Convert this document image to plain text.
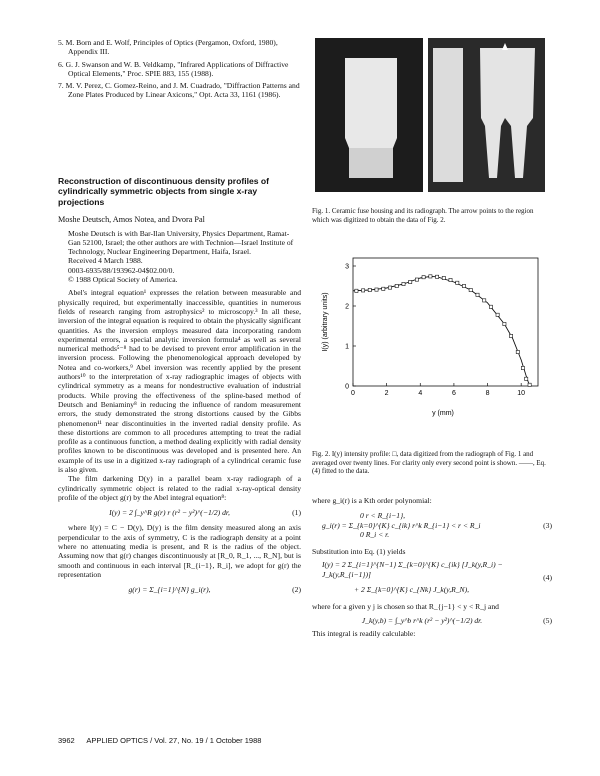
5. M. Born and E. Wolf, Principles of Optics (Pergamon, Oxford, 1980), Appendix III.

6. G. J. Swanson and W. B. Veldkamp, "Infrared Applications of Diffractive Optical Elements," Proc. SPIE 883, 155 (1988).

7. M. V. Perez, C. Gomez-Reino, and J. M. Cuadrado, "Diffraction Patterns and Zone Plates Produced by Linear Axicons," Opt. Acta 33, 1161 (1986).

Reconstruction of discontinuous density profiles of cylindrically symmetric objects from single x-ray projections
Moshe Deutsch, Amos Notea, and Dvora Pal
Moshe Deutsch is with Bar-Ilan University, Physics Department, Ramat-Gan 52100, Israel; the other authors are with Technion—Israel Institute of Technology, Nuclear Engineering Department, Haifa, Israel.
Received 4 March 1988.
0003-6935/88/193962-04$02.00/0.
© 1988 Optical Society of America.

Abel's integral equation¹ expresses the relation between measurable and physically required, but experimentally inaccessible, quantities in numerous fields of research ranging from astrophysics² to microscopy.³ In all these, inversion of the integral equation is required to obtain the physically significant quantities. As the inversion employs measured data incorporating random experimental errors, a special analytic inversion formula⁴ as well as several numerical methods⁵⁻⁸ had to be devised to prevent error amplification in the inversion process. Following the phenomenological approach developed by Notea and co-workers,⁹ Abel inversion was recently applied by the present authors¹⁰ to the interpretation of x-ray radiographic images of objects with cylindrical symmetry as a means for nondestructive evaluation of industrial products. While proving the effectiveness of the spline-based method of Deutsch and Beniaminy⁸ in reducing the influence of random measurement errors, the study demonstrated the strong distortions caused by the Gibbs phenomenon¹¹ near discontinuities in the inverted radial density profile. As these distortions are common to all procedures attempting to treat the radial profile as a continuous function, a method dealing explicitly with radial density profiles known to be discontinuous was developed and is presented here. An example of its use in a digitized x-ray radiograph of a cylindrical ceramic fuse is also given.

The film darkening D(y) in a parallel beam x-ray radiograph of a cylindrically symmetric object is related to the radial x-ray-optical density profile of the object g(r) by the Abel integral equation⁸:

I(y) = 2 ∫_y^R g(r) r (r² − y²)^(−1/2) dr,	(1)

where I(y) = C − D(y), D(y) is the film density measured along an axis perpendicular to the axis of symmetry, C is the radiograph density at a point where no attenuating media is present, and R is the radius of the object. Assuming now that g(r) changes discontinuously at [R_0, R_1, ..., R_N], but is smooth and continuous in each interval [R_{i−1}, R_i], we adopt for g(r) the representation

g(r) = Σ_{i=1}^{N} g_i(r),	(2)

Fig. 1. Ceramic fuse housing and its radiograph. The arrow points to the region which was digitized to obtain the data of Fig. 2.

I(y) (arbitrary units)
y (mm)
0	2	4	6	8	10
0
1
2
3

Fig. 2. I(y) intensity profile: □, data digitized from the radiograph of Fig. 1 and averaged over twenty lines. For clarity only every second point is shown. ——, Eq. (4) fitted to the data.

where g_i(r) is a Kth order polynomial:

0 r < R_{i−1},
g_i(r) = Σ_{k=0}^{K} c_{ik} r^k R_{i−1} < r < R_i
0 R_i < r.
(3)

Substitution into Eq. (1) yields

I(y) = 2 Σ_{i=1}^{N−1} Σ_{k=0}^{K} c_{ik} [J_k(y,R_i) − J_k(y,R_{i−1})]
+ 2 Σ_{k=0}^{K} c_{Nk} J_k(y,R_N),
(4)

where for a given y j is chosen so that R_{j−1} < y < R_j and

J_k(y,b) = ∫_y^b r^k (r² − y²)^(−1/2) dr.	(5)

This integral is readily calculable:

3962 APPLIED OPTICS / Vol. 27, No. 19 / 1 October 1988
